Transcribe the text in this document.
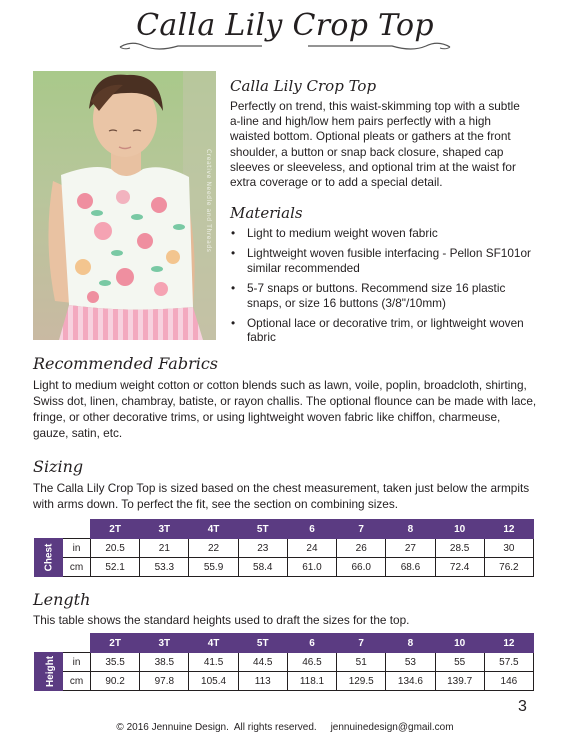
Calla Lily Crop Top
Creative Needle and Threads
Calla Lily Crop Top
Perfectly on trend, this waist-skimming top with a subtle a-line and high/low hem pairs perfectly with a high waisted bottom. Optional pleats or gathers at the front shoulder, a button or snap back closure, shaped cap sleeves or sleeveless, and optional trim at the waist for extra coverage or to add a special detail.
Materials
• Light to medium weight woven fabric
• Lightweight woven fusible interfacing - Pellon SF101or similar recommended
• 5-7 snaps or buttons. Recommend size 16 plastic snaps, or size 16 buttons (3/8"/10mm)
• Optional lace or decorative trim, or lightweight woven fabric
Recommended Fabrics
Light to medium weight cotton or cotton blends such as lawn, voile, poplin, broadcloth, shirting, Swiss dot, linen, chambray, batiste, or rayon challis. The optional flounce can be made with lace, fringe, or other decorative trims, or using lightweight woven fabric like chiffon, charmeuse, gauze, satin, etc.
Sizing
The Calla Lily Crop Top is sized based on the chest measurement, taken just below the armpits with arms down. To perfect the fit, see the section on combining sizes.
		2T	3T	4T	5T	6	7	8	10	12
Chest	in	20.5	21	22	23	24	26	27	28.5	30
	cm	52.1	53.3	55.9	58.4	61.0	66.0	68.6	72.4	76.2
Length
This table shows the standard heights used to draft the sizes for the top.
		2T	3T	4T	5T	6	7	8	10	12
Height	in	35.5	38.5	41.5	44.5	46.5	51	53	55	57.5
	cm	90.2	97.8	105.4	113	118.1	129.5	134.6	139.7	146
3
© 2016 Jennuine Design.  All rights reserved.     jennuinedesign@gmail.com
